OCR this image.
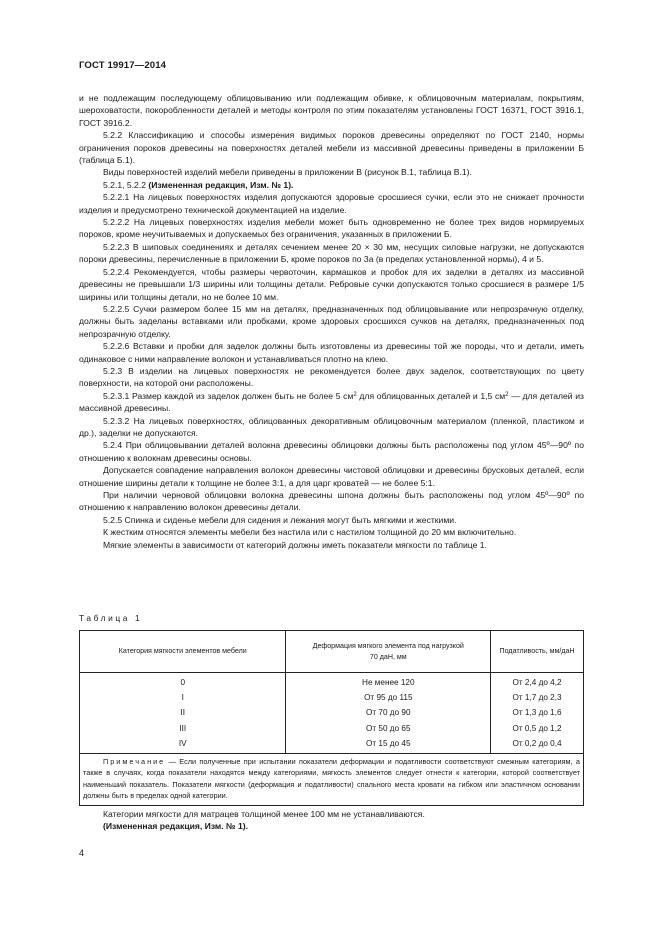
ГОСТ 19917—2014

и не подлежащим последующему облицовыванию или подлежащим обивке, к облицовочным материалам, покрытиям, шероховатости, покоробленности деталей и методы контроля по этим показателям установлены ГОСТ 16371, ГОСТ 3916.1, ГОСТ 3916.2.

5.2.2 Классификацию и способы измерения видимых пороков древесины определяют по ГОСТ 2140, нормы ограничения пороков древесины на поверхностях деталей мебели из массивной древесины приведены в приложении Б (таблица Б.1).

Виды поверхностей изделий мебели приведены в приложении В (рисунок В.1, таблица В.1).

5.2.1, 5.2.2 (Измененная редакция, Изм. № 1).

5.2.2.1 На лицевых поверхностях изделия допускаются здоровые сросшиеся сучки, если это не снижает прочности изделия и предусмотрено технической документацией на изделие.

5.2.2.2 На лицевых поверхностях изделия мебели может быть одновременно не более трех видов нормируемых пороков, кроме неучитываемых и допускаемых без ограничения, указанных в приложении Б.

5.2.2.3 В шиповых соединениях и деталях сечением менее 20 × 30 мм, несущих силовые нагрузки, не допускаются пороки древесины, перечисленные в приложении Б, кроме пороков по 3а (в пределах установленной нормы), 4 и 5.

5.2.2.4 Рекомендуется, чтобы размеры червоточин, кармашков и пробок для их заделки в деталях из массивной древесины не превышали 1/3 ширины или толщины детали. Ребровые сучки допускаются только сросшиеся в размере 1/5 ширины или толщины детали, но не более 10 мм.

5.2.2.5 Сучки размером более 15 мм на деталях, предназначенных под облицовывание или непрозрачную отделку, должны быть заделаны вставками или пробками, кроме здоровых сросшихся сучков на деталях, предназначенных под непрозрачную отделку.

5.2.2.6 Вставки и пробки для заделок должны быть изготовлены из древесины той же породы, что и детали, иметь одинаковое с ними направление волокон и устанавливаться плотно на клею.

5.2.3 В изделии на лицевых поверхностях не рекомендуется более двух заделок, соответствующих по цвету поверхности, на которой они расположены.

5.2.3.1 Размер каждой из заделок должен быть не более 5 $см^2$ для облицованных деталей и 1,5 $см^2$ — для деталей из массивной древесины.

5.2.3.2 На лицевых поверхностях, облицованных декоративным облицовочным материалом (пленкой, пластиком и др.), заделки не допускаются.

5.2.4 При облицовывании деталей волокна древесины облицовки должны быть расположены под углом 45º—90º по отношению к волокнам древесины основы.

Допускается совпадение направления волокон древесины чистовой облицовки и древесины брусковых деталей, если отношение ширины детали к толщине не более 3:1, а для царг кроватей — не более 5:1.

При наличии черновой облицовки волокна древесины шпона должны быть расположены под углом 45º—90º по отношению к направлению волокон древесины детали.

5.2.5 Спинка и сиденье мебели для сидения и лежания могут быть мягкими и жесткими.

К жестким относятся элементы мебели без настила или с настилом толщиной до 20 мм включительно.

Мягкие элементы в зависимости от категорий должны иметь показатели мягкости по таблице 1.

Таблица 1
Категория мягкости элементов мебели	Деформация мягкого элемента под нагрузкой 70 даН, мм	Податливость, мм/даН
0	Не менее 120	От 2,4 до 4,2
I	От 95 до 115	От 1,7 до 2,3
II	От 70 до 90	От 1,3 до 1,6
III	От 50 до 65	От 0,5 до 1,2
IV	От 15 до 45	От 0,2 до 0,4
Примечание — Если полученные при испытании показатели деформации и податливости соответствуют смежным категориям, а также в случаях, когда показатели находятся между категориями, мягкость элементов следует отнести к категории, которой соответствует наименьший показатель. Показатели мягкости (деформация и податливости) спального места кровати на гибком или эластичном основании должны быть в пределах одной категории.		

Категории мягкости для матрацев толщиной менее 100 мм не устанавливаются.

(Измененная редакция, Изм. № 1).

4
